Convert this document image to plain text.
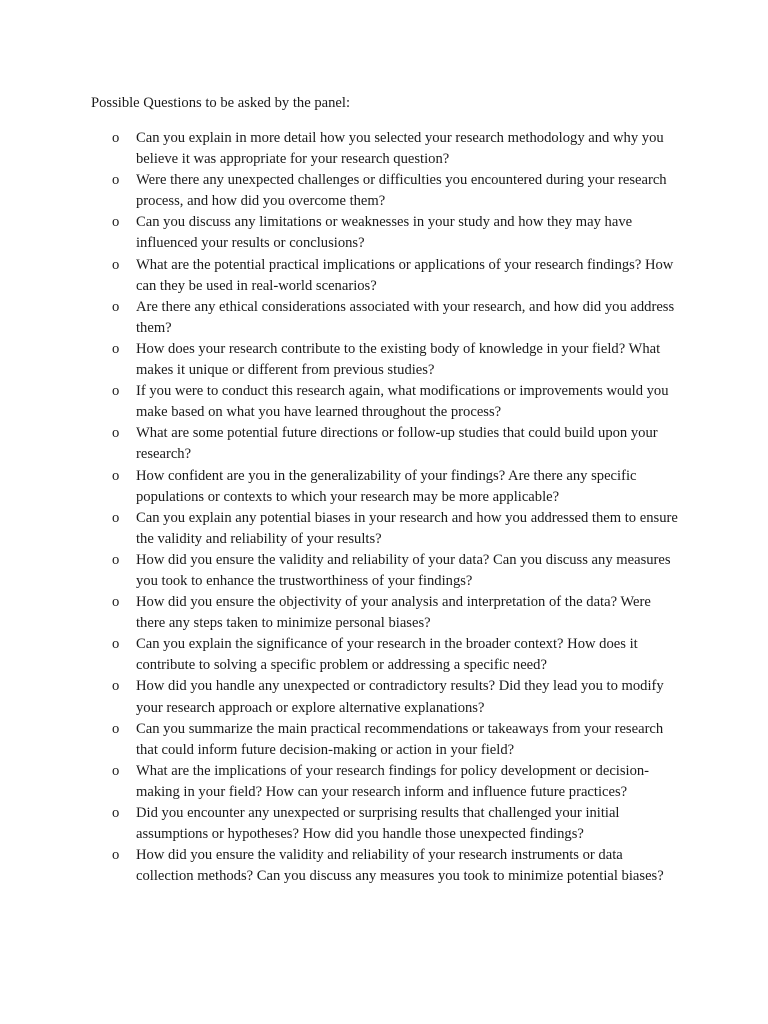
Possible Questions to be asked by the panel:

o Can you explain in more detail how you selected your research methodology and why you believe it was appropriate for your research question?
o Were there any unexpected challenges or difficulties you encountered during your research process, and how did you overcome them?
o Can you discuss any limitations or weaknesses in your study and how they may have influenced your results or conclusions?
o What are the potential practical implications or applications of your research findings? How can they be used in real-world scenarios?
o Are there any ethical considerations associated with your research, and how did you address them?
o How does your research contribute to the existing body of knowledge in your field? What makes it unique or different from previous studies?
o If you were to conduct this research again, what modifications or improvements would you make based on what you have learned throughout the process?
o What are some potential future directions or follow-up studies that could build upon your research?
o How confident are you in the generalizability of your findings? Are there any specific populations or contexts to which your research may be more applicable?
o Can you explain any potential biases in your research and how you addressed them to ensure the validity and reliability of your results?
o How did you ensure the validity and reliability of your data? Can you discuss any measures you took to enhance the trustworthiness of your findings?
o How did you ensure the objectivity of your analysis and interpretation of the data? Were there any steps taken to minimize personal biases?
o Can you explain the significance of your research in the broader context? How does it contribute to solving a specific problem or addressing a specific need?
o How did you handle any unexpected or contradictory results? Did they lead you to modify your research approach or explore alternative explanations?
o Can you summarize the main practical recommendations or takeaways from your research that could inform future decision-making or action in your field?
o What are the implications of your research findings for policy development or decision-making in your field? How can your research inform and influence future practices?
o Did you encounter any unexpected or surprising results that challenged your initial assumptions or hypotheses? How did you handle those unexpected findings?
o How did you ensure the validity and reliability of your research instruments or data collection methods? Can you discuss any measures you took to minimize potential biases?
